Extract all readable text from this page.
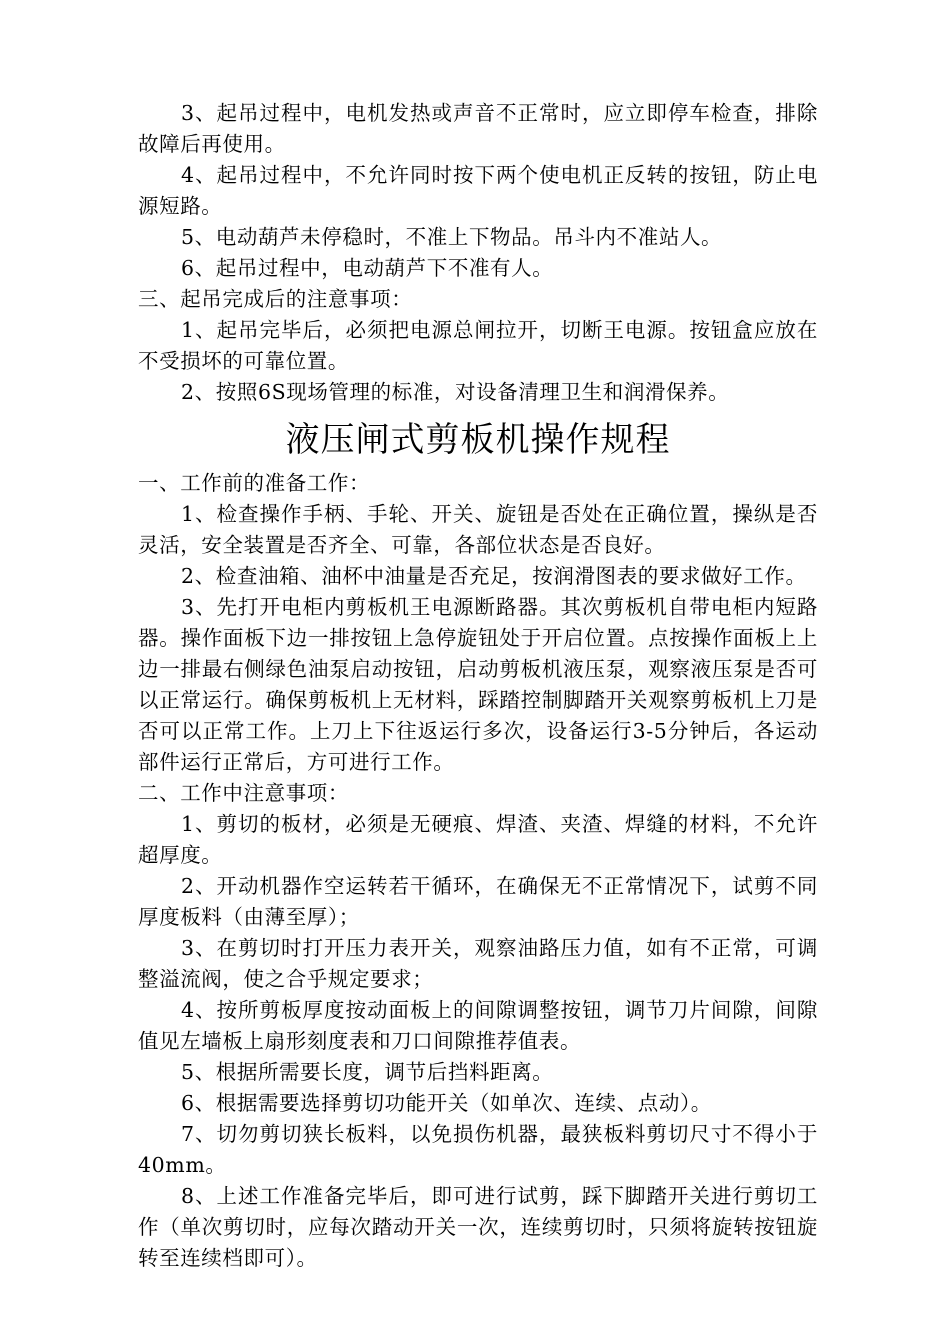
3、起吊过程中，电机发热或声音不正常时，应立即停车检查，排除故障后再使用。

4、起吊过程中，不允许同时按下两个使电机正反转的按钮，防止电源短路。

5、电动葫芦未停稳时，不准上下物品。吊斗内不准站人。

6、起吊过程中，电动葫芦下不准有人。

三、起吊完成后的注意事项：

1、起吊完毕后，必须把电源总闸拉开，切断王电源。按钮盒应放在不受损坏的可靠位置。

2、按照6S现场管理的标准，对设备清理卫生和润滑保养。

液压闸式剪板机操作规程

一、工作前的准备工作：

1、检查操作手柄、手轮、开关、旋钮是否处在正确位置，操纵是否灵活，安全装置是否齐全、可靠，各部位状态是否良好。

2、检查油箱、油杯中油量是否充足，按润滑图表的要求做好工作。

3、先打开电柜内剪板机王电源断路器。其次剪板机自带电柜内短路器。操作面板下边一排按钮上急停旋钮处于开启位置。点按操作面板上上边一排最右侧绿色油泵启动按钮，启动剪板机液压泵，观察液压泵是否可以正常运行。确保剪板机上无材料，踩踏控制脚踏开关观察剪板机上刀是否可以正常工作。上刀上下往返运行多次，设备运行3-5分钟后，各运动部件运行正常后，方可进行工作。

二、工作中注意事项：

1、剪切的板材，必须是无硬痕、焊渣、夹渣、焊缝的材料，不允许超厚度。

2、开动机器作空运转若干循环，在确保无不正常情况下，试剪不同厚度板料（由薄至厚）；

3、在剪切时打开压力表开关，观察油路压力值，如有不正常，可调整溢流阀，使之合乎规定要求；

4、按所剪板厚度按动面板上的间隙调整按钮，调节刀片间隙，间隙值见左墙板上扇形刻度表和刀口间隙推荐值表。

5、根据所需要长度，调节后挡料距离。

6、根据需要选择剪切功能开关（如单次、连续、点动）。

7、切勿剪切狭长板料，以免损伤机器，最狭板料剪切尺寸不得小于40mm。

8、上述工作准备完毕后，即可进行试剪，踩下脚踏开关进行剪切工作（单次剪切时，应每次踏动开关一次，连续剪切时，只须将旋转按钮旋转至连续档即可）。
